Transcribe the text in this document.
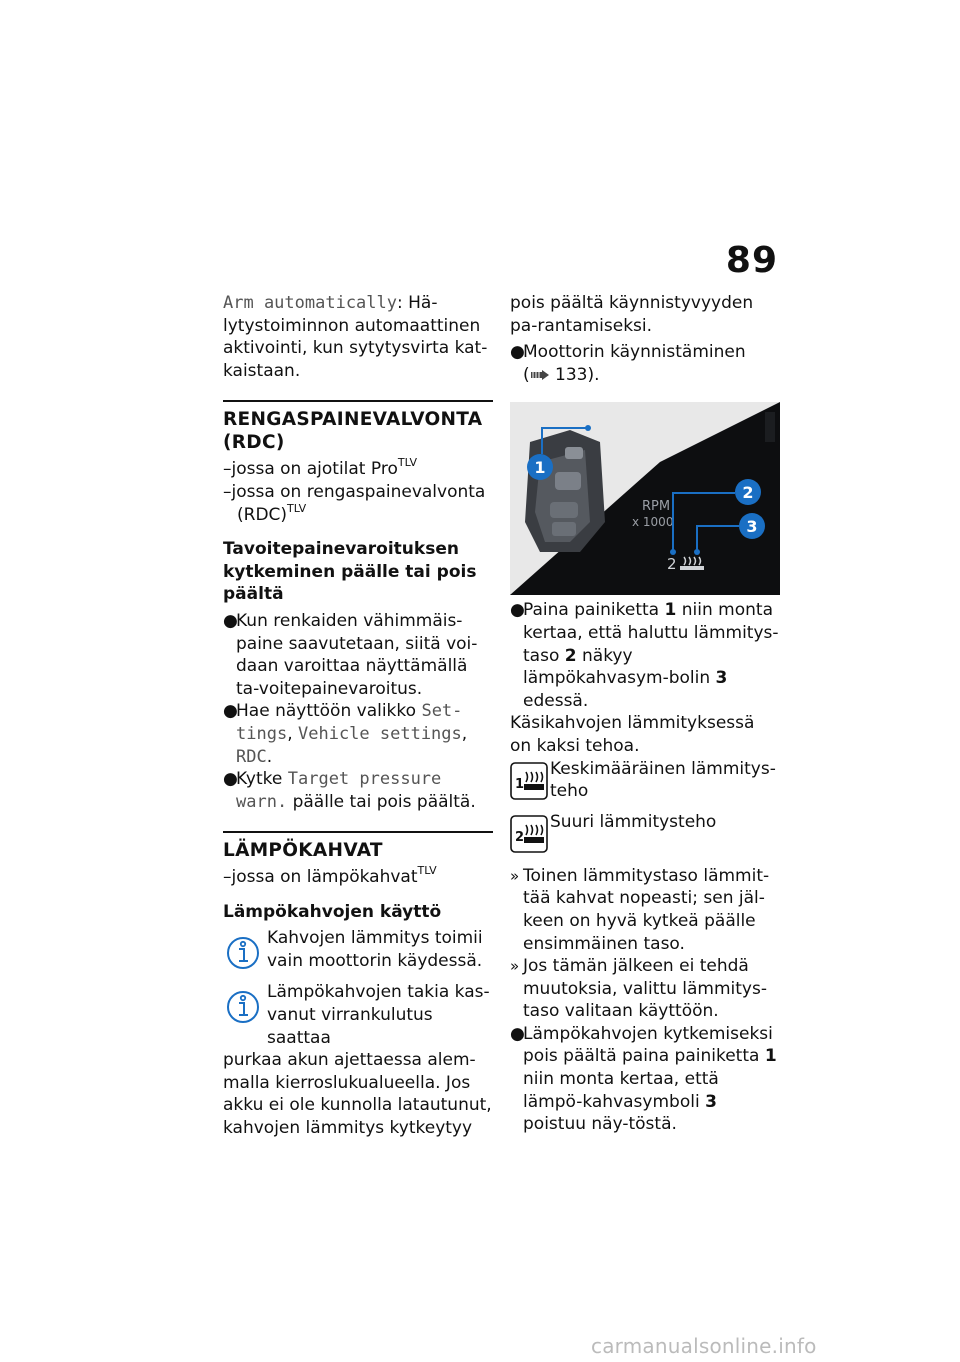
89

Arm automatically: Hä-lytystoiminnon automaattinen aktivointi, kun sytytysvirta kat-kaistaan.

RENGASPAINEVALVONTA (RDC)

–jossa on ajotilat Pro$^{TLV}$

–jossa on rengaspainevalvonta

(RDC)$^{TLV}$

Tavoitepainevaroituksen kytkeminen päälle tai pois päältä
●
Kun renkaiden vähimmäis-paine saavutetaan, siitä voi-daan varoittaa näyttämällä ta-voitepainevaroitus.
●
Hae näyttöön valikko Set-tings, Vehicle settings, RDC.
●
Kytke Target pressure warn. päälle tai pois päältä.
LÄMPÖKAHVAT

–jossa on lämpökahvat$^{TLV}$

Lämpökahvojen käyttö
Kahvojen lämmitys toimii vain moottorin käydessä.
Lämpökahvojen takia kas-vanut virrankulutus saattaa

purkaa akun ajettaessa alem-malla kierroslukualueella. Jos akku ei ole kunnolla latautunut, kahvojen lämmitys kytkeytyy

pois päältä käynnistyvyyden pa-rantamiseksi.

●
Moottorin käynnistäminen
( 133).
RPM
x 1000
2
1
2
3
●
Paina painiketta 1 niin monta kertaa, että haluttu lämmitys-taso 2 näkyy lämpökahvasym-bolin 3 edessä.

Käsikahvojen lämmityksessä on kaksi tehoa.

1
Keskimääräinen lämmitys-teho
2
Suuri lämmitysteho
» Toinen lämmitystaso lämmit-tää kahvat nopeasti; sen jäl-keen on hyvä kytkeä päälle ensimmäinen taso.
» Jos tämän jälkeen ei tehdä muutoksia, valittu lämmitys-taso valitaan käyttöön.
●
Lämpökahvojen kytkemiseksi pois päältä paina painiketta 1 niin monta kertaa, että lämpö-kahvasymboli 3 poistuu näy-töstä.
carmanualsonline.info
